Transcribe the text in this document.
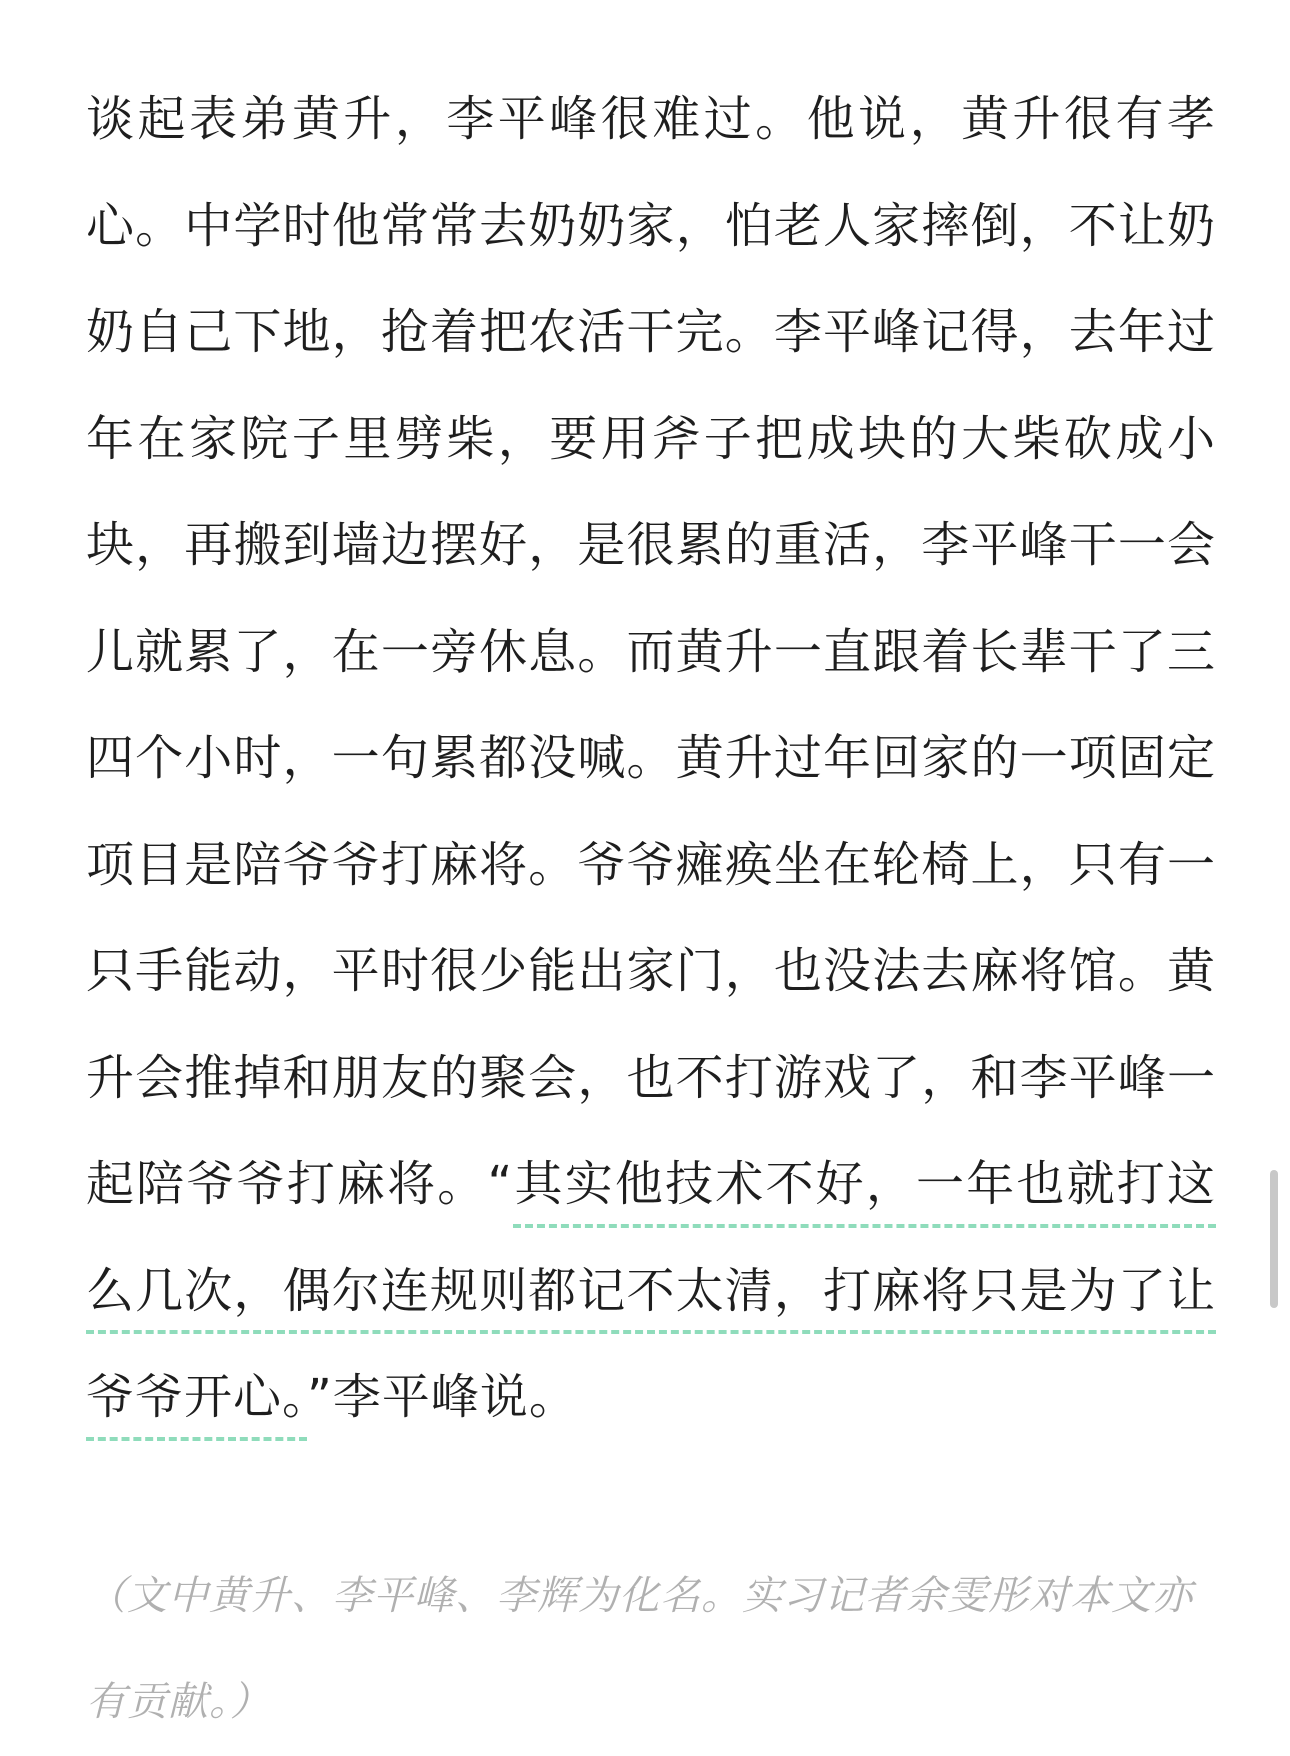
谈起表弟黄升，李平峰很难过。他说，黄升很有孝心。中学时他常常去奶奶家，怕老人家摔倒，不让奶奶自己下地，抢着把农活干完。李平峰记得，去年过年在家院子里劈柴，要用斧子把成块的大柴砍成小块，再搬到墙边摆好，是很累的重活，李平峰干一会儿就累了，在一旁休息。而黄升一直跟着长辈干了三四个小时，一句累都没喊。黄升过年回家的一项固定项目是陪爷爷打麻将。爷爷瘫痪坐在轮椅上，只有一只手能动，平时很少能出家门，也没法去麻将馆。黄升会推掉和朋友的聚会，也不打游戏了，和李平峰一起陪爷爷打麻将。“其实他技术不好，一年也就打这么几次，偶尔连规则都记不太清，打麻将只是为了让爷爷开心。”李平峰说。

（文中黄升、李平峰、李辉为化名。实习记者余雯彤对本文亦有贡献。）
